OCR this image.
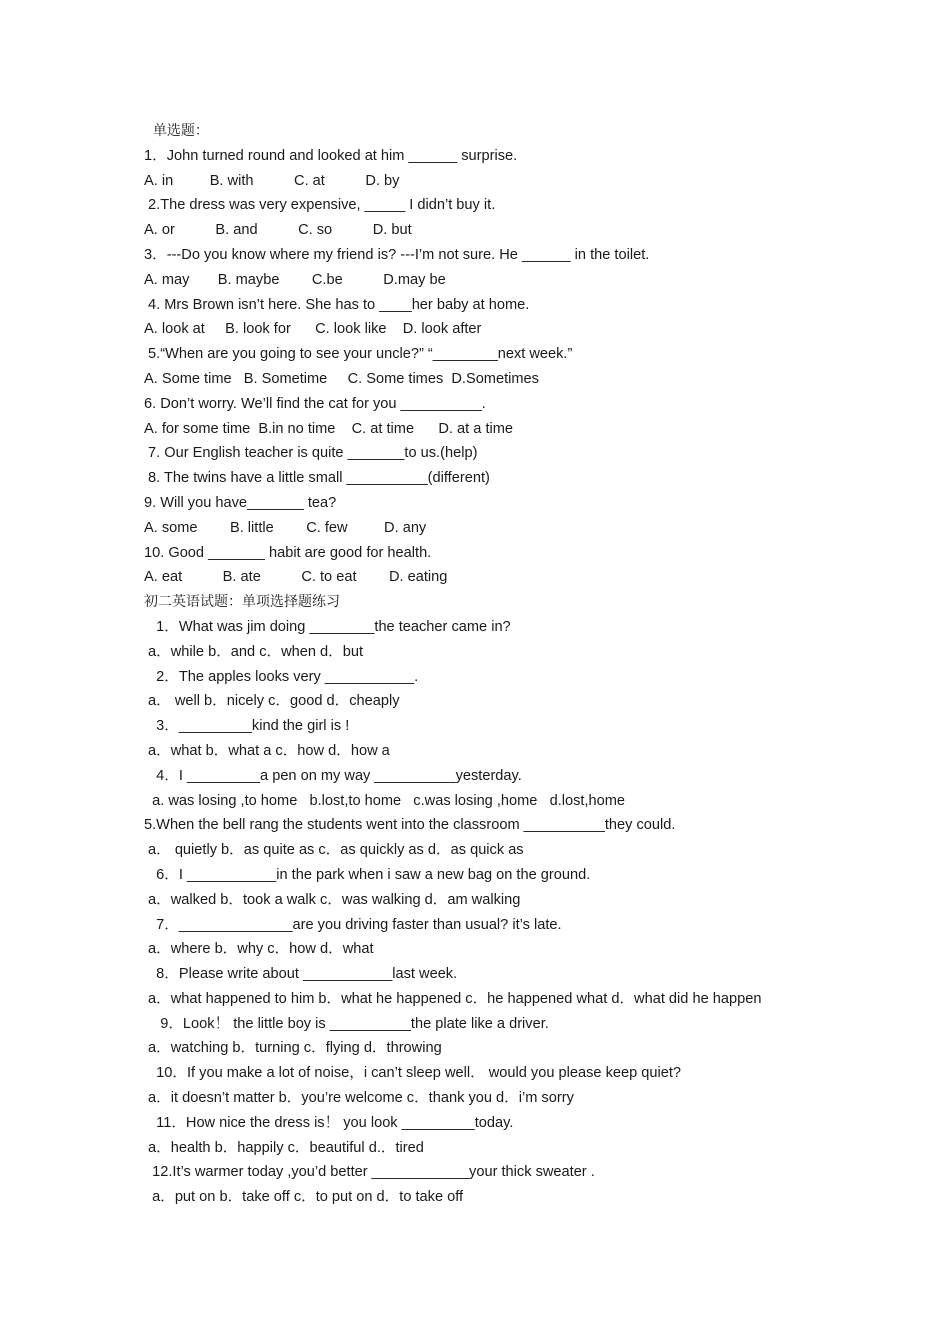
单选题：
1．John turned round and looked at him ______ surprise.
A. in         B. with          C. at          D. by
2.The dress was very expensive, _____ I didn’t buy it.
A. or          B. and          C. so          D. but
3．---Do you know where my friend is? ---I’m not sure. He ______ in the toilet.
A. may       B. maybe        C.be          D.may be
4. Mrs Brown isn’t here. She has to ____her baby at home.
A. look at     B. look for      C. look like    D. look after
5.“When are you going to see your uncle?” “________next week.”
A. Some time   B. Sometime     C. Some times  D.Sometimes
6. Don’t worry. We’ll find the cat for you __________.
A. for some time  B.in no time    C. at time      D. at a time
7. Our English teacher is quite _______to us.(help)
8. The twins have a little small __________(different)
9. Will you have_______ tea?
A. some        B. little        C. few         D. any
10. Good _______ habit are good for health.
A. eat          B. ate          C. to eat        D. eating
初二英语试题：单项选择题练习
1．What was jim doing ________the teacher came in?
a．while b．and c．when d．but
2．The apples looks very ___________.
a． well b．nicely c．good d．cheaply
3．_________kind the girl is !
a．what b．what a c．how d．how a
4．I _________a pen on my way __________yesterday.
a. was losing ,to home   b.lost,to home   c.was losing ,home   d.lost,home
5.When the bell rang the students went into the classroom __________they could.
a． quietly b．as quite as c．as quickly as d．as quick as
6．I ___________in the park when i saw a new bag on the ground.
a．walked b．took a walk c．was walking d．am walking
7．______________are you driving faster than usual? it’s late.
a．where b．why c．how d．what
8．Please write about ___________last week.
a．what happened to him b．what he happened c．he happened what d．what did he happen
9．Look！ the little boy is __________the plate like a driver.
a．watching b．turning c．flying d．throwing
10．If you make a lot of noise，i can’t sleep well． would you please keep quiet?
a．it doesn’t matter b．you’re welcome c．thank you d．i’m sorry
11．How nice the dress is！ you look _________today.
a．health b．happily c．beautiful d.．tired
12.It’s warmer today ,you’d better ____________your thick sweater .
a．put on b．take off c．to put on d．to take off
